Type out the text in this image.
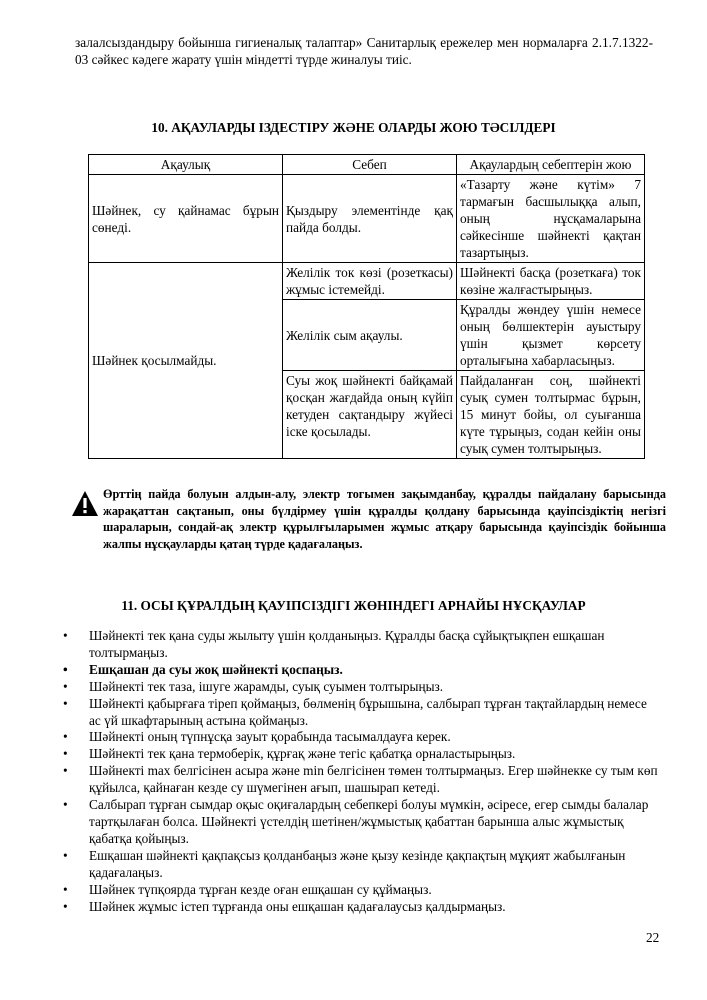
залалсыздандыру бойынша гигиеналық талаптар» Санитарлық ережелер мен нормаларға 2.1.7.1322-03 сәйкес кәдеге жарату үшін міндетті түрде жиналуы тиіс.
10. АҚАУЛАРДЫ ІЗДЕСТІРУ ЖӘНЕ ОЛАРДЫ ЖОЮ ТӘСІЛДЕРІ
Ақаулық	Себеп	Ақаулардың себептерін жою
Шәйнек, су қайнамас бұрын сөнеді.	Қыздыру элементінде қақ пайда болды.	«Тазарту және күтім» 7 тармағын басшылыққа алып, оның нұсқамаларына сәйкесінше шәйнекті қақтан тазартыңыз.
Шәйнек қосылмайды.	Желілік ток көзі (розеткасы) жұмыс істемейді.	Шәйнекті басқа (розеткаға) ток көзіне жалғастырыңыз.
	Желілік сым ақаулы.	Құралды жөндеу үшін немесе оның бөлшектерін ауыстыру үшін қызмет көрсету орталығына хабарласыңыз.
	Суы жоқ шәйнекті байқамай қосқан жағдайда оның күйіп кетуден сақтандыру жүйесі іске қосылады.	Пайдаланған соң, шәйнекті суық сумен толтырмас бұрын, 15 минут бойы, ол суығанша күте тұрыңыз, содан кейін оны суық сумен толтырыңыз.
Өрттің пайда болуын алдын-алу, электр тогымен зақымданбау, құралды пайдалану барысында жарақаттан сақтанып, оны бүлдірмеу үшін құралды қолдану барысында қауіпсіздіктің негізгі шараларын, сондай-ақ электр құрылғыларымен жұмыс атқару барысында қауіпсіздік бойынша жалпы нұсқауларды қатаң түрде қадағалаңыз.
11. ОСЫ ҚҰРАЛДЫҢ ҚАУІПСІЗДІГІ ЖӨНІНДЕГІ АРНАЙЫ НҰСҚАУЛАР
• Шәйнекті тек қана суды жылыту үшін қолданыңыз. Құралды басқа сұйықтықпен ешқашан толтырмаңыз.
• Ешқашан да суы жоқ шәйнекті қоспаңыз.
• Шәйнекті тек таза, ішуге жарамды, суық суымен толтырыңыз.
• Шәйнекті қабырғаға тіреп қоймаңыз, бөлменің бұрышына, салбырап тұрған тақтайлардың немесе ас үй шкафтарының астына қоймаңыз.
• Шәйнекті оның түпнұсқа зауыт қорабында тасымалдауға керек.
• Шәйнекті тек қана термоберік, құрғақ және тегіс қабатқа орналастырыңыз.
• Шәйнекті max белгісінен асыра және min белгісінен төмен толтырмаңыз. Егер шәйнекке су тым көп құйылса, қайнаған кезде су шүмегінен ағып, шашырап кетеді.
• Салбырап тұрған сымдар оқыс оқиғалардың себепкері болуы мүмкін, әсіресе, егер сымды балалар тартқылаған болса. Шәйнекті үстелдің шетінен/жұмыстық қабаттан барынша алыс жұмыстық қабатқа қойыңыз.
• Ешқашан шәйнекті қақпақсыз қолданбаңыз және қызу кезінде қақпақтың мұқият жабылғанын қадағалаңыз.
• Шәйнек түпқоярда тұрған кезде оған ешқашан су құймаңыз.
• Шәйнек жұмыс істеп тұрғанда оны ешқашан қадағалаусыз қалдырмаңыз.
22
